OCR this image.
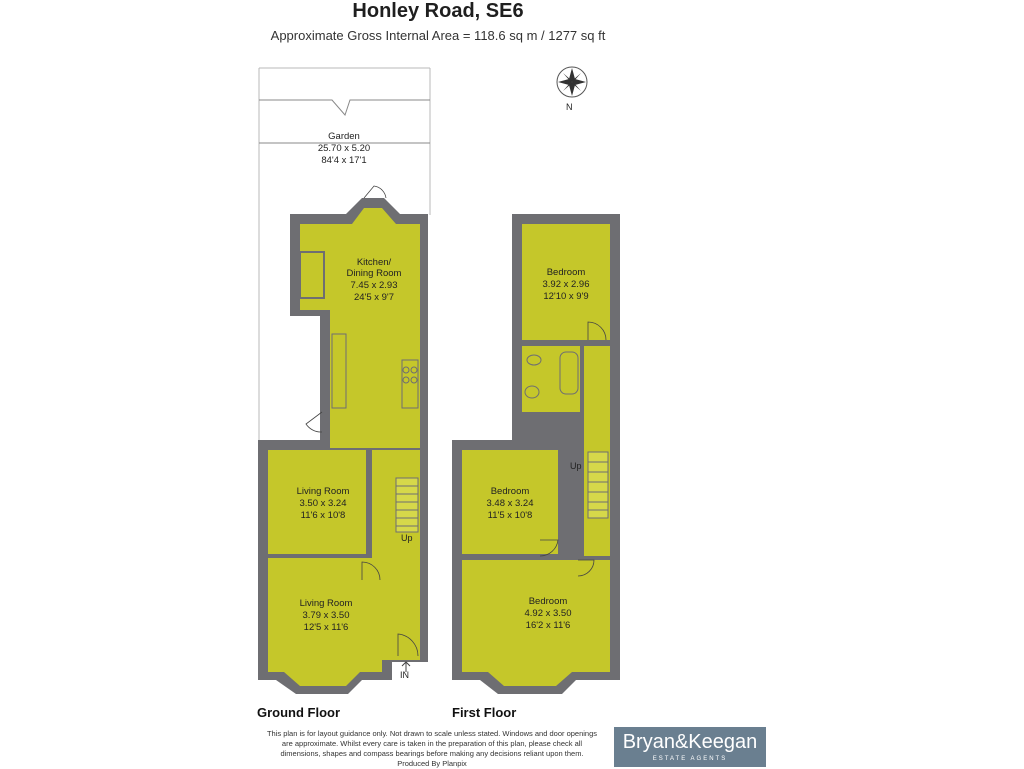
Honley Road, SE6
Approximate Gross Internal Area = 118.6 sq m / 1277 sq ft
N
Garden
25.70 x 5.20
84'4 x 17'1
Kitchen/
Dining Room
7.45 x 2.93
24'5 x 9'7
Living Room
3.50 x 3.24
11'6 x 10'8
Living Room
3.79 x 3.50
12'5 x 11'6
Up
IN
Bedroom
3.92 x 2.96
12'10 x 9'9
Bedroom
3.48 x 3.24
11'5 x 10'8
Bedroom
4.92 x 3.50
16'2 x 11'6
Up
Ground Floor	First Floor
This plan is for layout guidance only. Not drawn to scale unless stated. Windows and door openings
are approximate. Whilst every care is taken in the preparation of this plan, please check all
dimensions, shapes and compass bearings before making any decisions reliant upon them.
Produced By Planpix
Bryan&Keegan
ESTATE AGENTS
